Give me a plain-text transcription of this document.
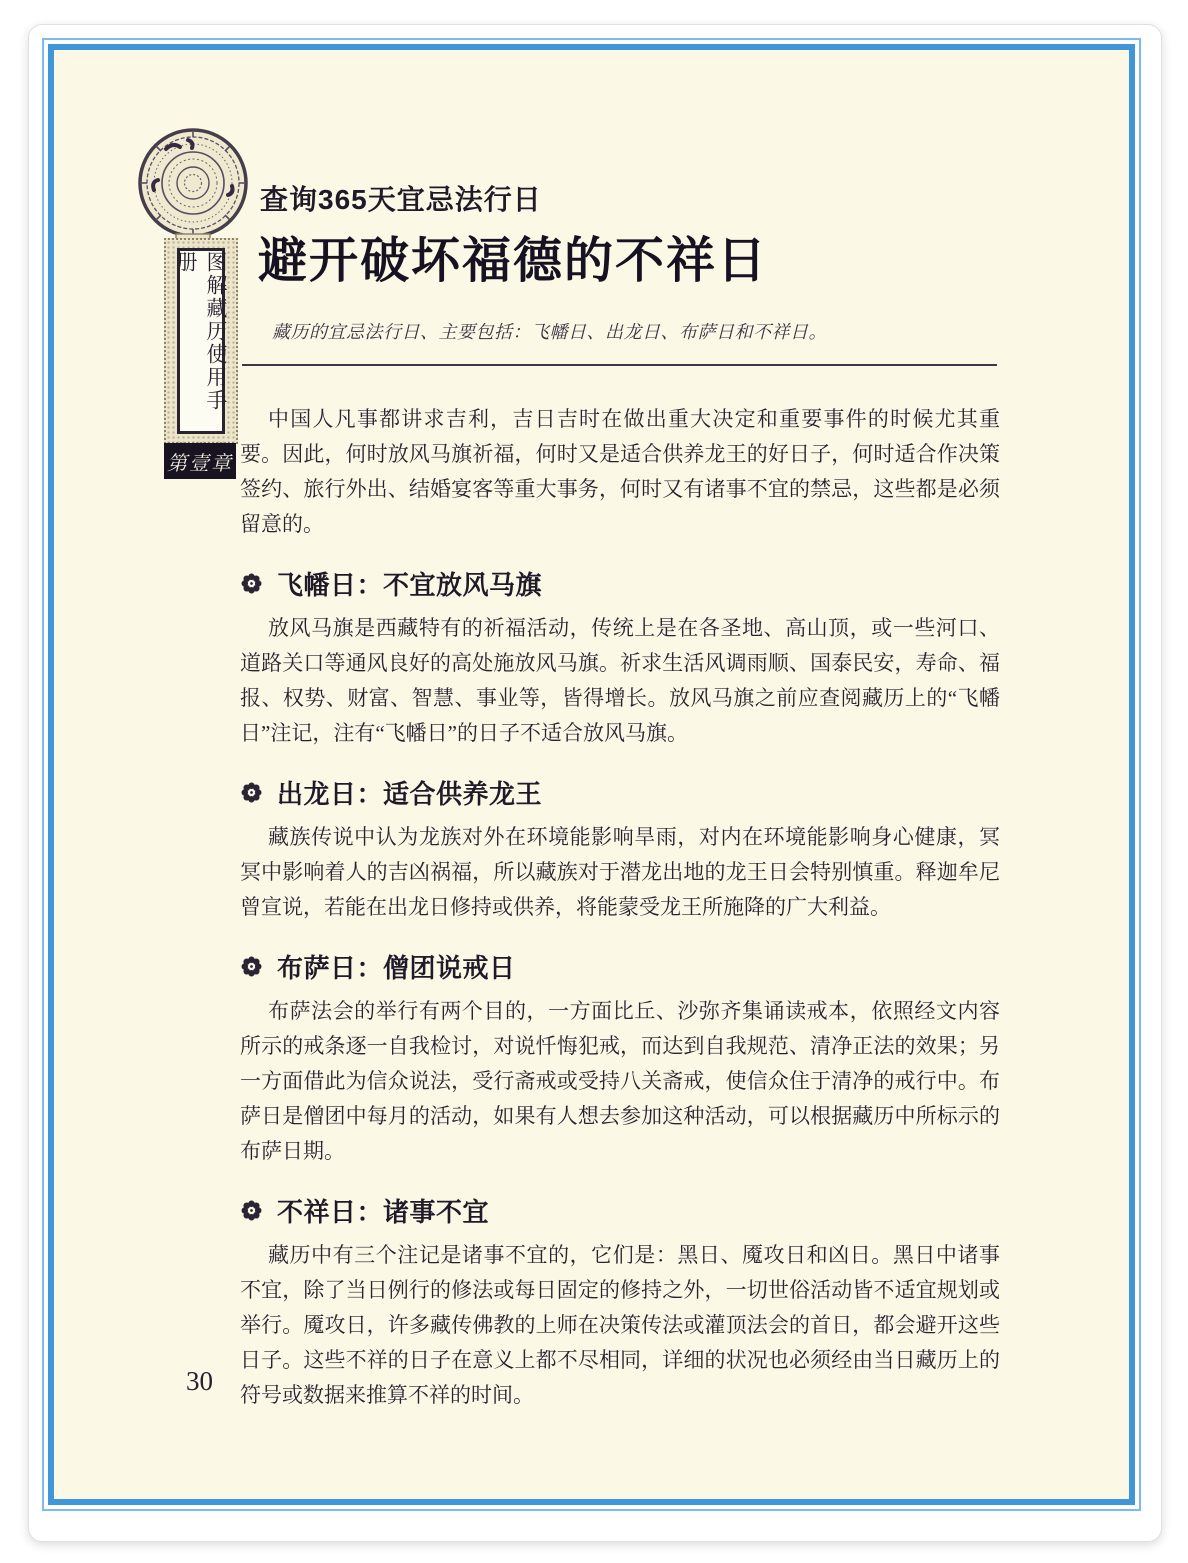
图解藏历使用手册
第壹章
查询365天宜忌法行日
避开破坏福德的不祥日
藏历的宜忌法行日、主要包括：飞幡日、出龙日、布萨日和不祥日。

中国人凡事都讲求吉利，吉日吉时在做出重大决定和重要事件的时候尤其重要。因此，何时放风马旗祈福，何时又是适合供养龙王的好日子，何时适合作决策签约、旅行外出、结婚宴客等重大事务，何时又有诸事不宜的禁忌，这些都是必须留意的。

飞幡日：不宜放风马旗

放风马旗是西藏特有的祈福活动，传统上是在各圣地、高山顶，或一些河口、道路关口等通风良好的高处施放风马旗。祈求生活风调雨顺、国泰民安，寿命、福报、权势、财富、智慧、事业等，皆得增长。放风马旗之前应查阅藏历上的“飞幡日”注记，注有“飞幡日”的日子不适合放风马旗。

出龙日：适合供养龙王

藏族传说中认为龙族对外在环境能影响旱雨，对内在环境能影响身心健康，冥冥中影响着人的吉凶祸福，所以藏族对于潜龙出地的龙王日会特别慎重。释迦牟尼曾宣说，若能在出龙日修持或供养，将能蒙受龙王所施降的广大利益。

布萨日：僧团说戒日

布萨法会的举行有两个目的，一方面比丘、沙弥齐集诵读戒本，依照经文内容所示的戒条逐一自我检讨，对说忏悔犯戒，而达到自我规范、清净正法的效果；另一方面借此为信众说法，受行斋戒或受持八关斋戒，使信众住于清净的戒行中。布萨日是僧团中每月的活动，如果有人想去参加这种活动，可以根据藏历中所标示的布萨日期。

不祥日：诸事不宜

藏历中有三个注记是诸事不宜的，它们是：黑日、魇攻日和凶日。黑日中诸事不宜，除了当日例行的修法或每日固定的修持之外，一切世俗活动皆不适宜规划或举行。魇攻日，许多藏传佛教的上师在决策传法或灌顶法会的首日，都会避开这些日子。这些不祥的日子在意义上都不尽相同，详细的状况也必须经由当日藏历上的符号或数据来推算不祥的时间。

30
